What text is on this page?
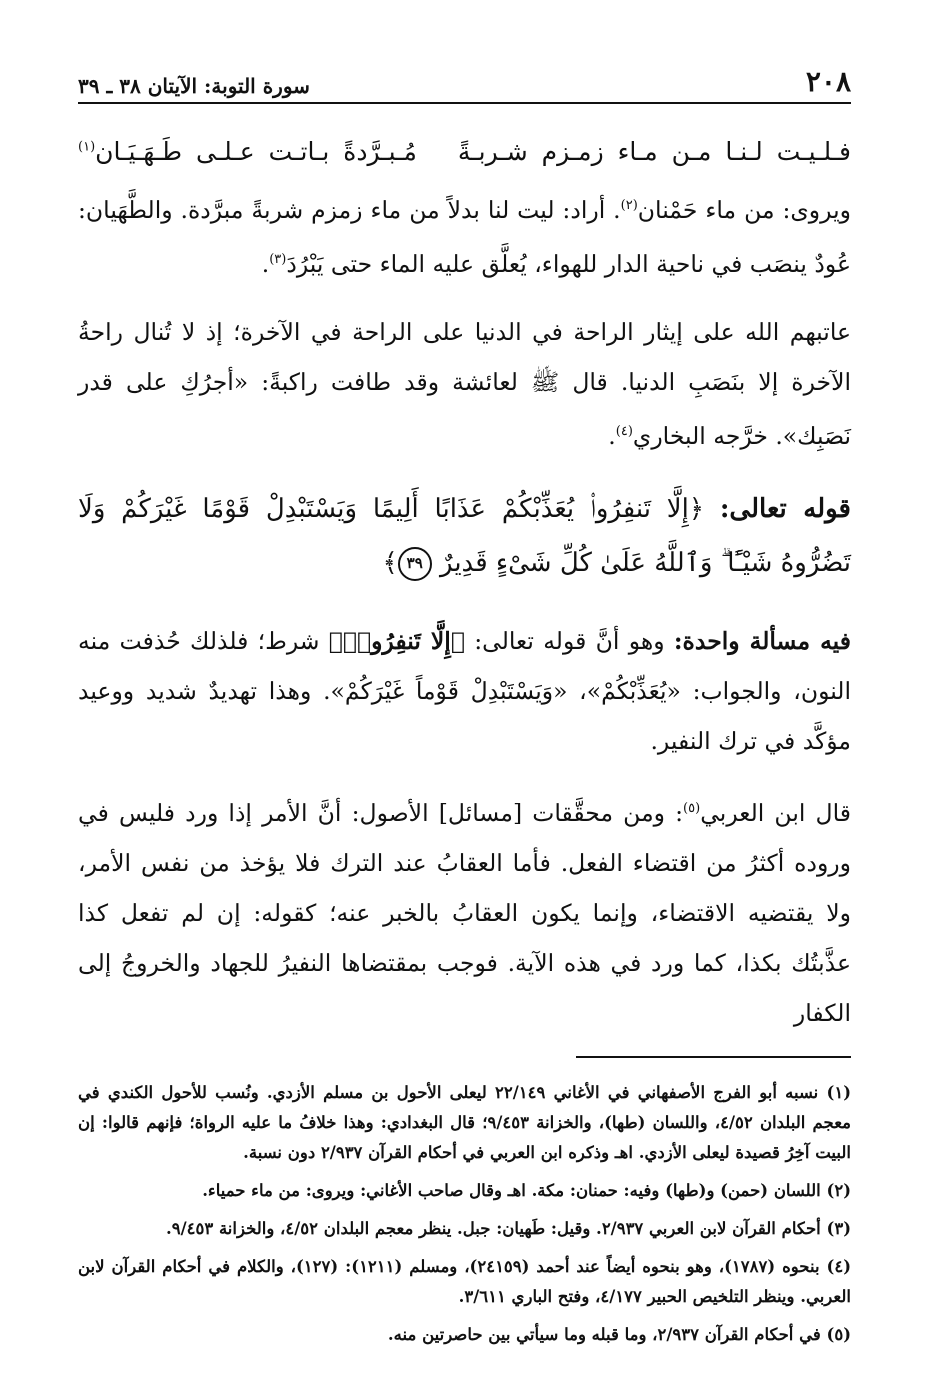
٢٠٨
سورة التوبة: الآيتان ٣٨ ـ ٣٩
فـلـيـت لـنـا مـن مـاء زمـزم شـربـةً
مُـبـرَّدةً بـاتـت عـلـى طَـهَـيَـان$^{(١)}$

ويروى: من ماء حَمْنان$^{(٢)}$. أراد: ليت لنا بدلاً من ماء زمزم شربةً مبرَّدة. والطَّهَيان: عُودٌ ينصَب في ناحية الدار للهواء، يُعلَّق عليه الماء حتى يَبْرُدَ$^{(٣)}$.

عاتبهم الله على إيثار الراحة في الدنيا على الراحة في الآخرة؛ إذ لا تُنال راحةُ الآخرة إلا بنَصَبِ الدنيا. قال ﷺ لعائشة وقد طافت راكبةً: «أجرُكِ على قدر نَصَبِك». خرَّجه البخاري$^{(٤)}$.

قوله تعالى: ﴿إِلَّا تَنفِرُوا۟ يُعَذِّبْكُمْ عَذَابًا أَلِيمًا وَيَسْتَبْدِلْ قَوْمًا غَيْرَكُمْ وَلَا تَضُرُّوهُ شَيْـًٔا ۗ وَٱللَّهُ عَلَىٰ كُلِّ شَىْءٍ قَدِيرٌ ٣٩﴾

فيه مسألة واحدة: وهو أنَّ قوله تعالى: ﴿إِلَّا تَنفِرُوا۟﴾ شرط؛ فلذلك حُذفت منه النون، والجواب: «يُعَذِّبْكُمْ»، «وَيَسْتَبْدِلْ قَوْماً غَيْرَكُمْ». وهذا تهديدٌ شديد ووعيد مؤكَّد في ترك النفير.

قال ابن العربي$^{(٥)}$: ومن محقَّقات [مسائل] الأصول: أنَّ الأمر إذا ورد فليس في وروده أكثرُ من اقتضاء الفعل. فأما العقابُ عند الترك فلا يؤخذ من نفس الأمر، ولا يقتضيه الاقتضاء، وإنما يكون العقابُ بالخبر عنه؛ كقوله: إن لم تفعل كذا عذَّبتُك بكذا، كما ورد في هذه الآية. فوجب بمقتضاها النفيرُ للجهاد والخروجُ إلى الكفار

(١) نسبه أبو الفرج الأصفهاني في الأغاني ٢٢/١٤٩ ليعلى الأحول بن مسلم الأزدي. ونُسب للأحول الكندي في معجم البلدان ٤/٥٢، واللسان (طها)، والخزانة ٩/٤٥٣؛ قال البغدادي: وهذا خلافُ ما عليه الرواة؛ فإنهم قالوا: إن البيت آخِرُ قصيدة ليعلى الأزدي. اهـ وذكره ابن العربي في أحكام القرآن ٢/٩٣٧ دون نسبة.

(٢) اللسان (حمن) و(طها) وفيه: حمنان: مكة. اهـ وقال صاحب الأغاني: ويروى: من ماء حمياء.

(٣) أحكام القرآن لابن العربي ٢/٩٣٧. وقيل: طَهيان: جبل. ينظر معجم البلدان ٤/٥٢، والخزانة ٩/٤٥٣.

(٤) بنحوه (١٧٨٧)، وهو بنحوه أيضاً عند أحمد (٢٤١٥٩)، ومسلم (١٢١١): (١٢٧)، والكلام في أحكام القرآن لابن العربي. وينظر التلخيص الحبير ٤/١٧٧، وفتح الباري ٣/٦١١.

(٥) في أحكام القرآن ٢/٩٣٧، وما قبله وما سيأتي بين حاصرتين منه.
